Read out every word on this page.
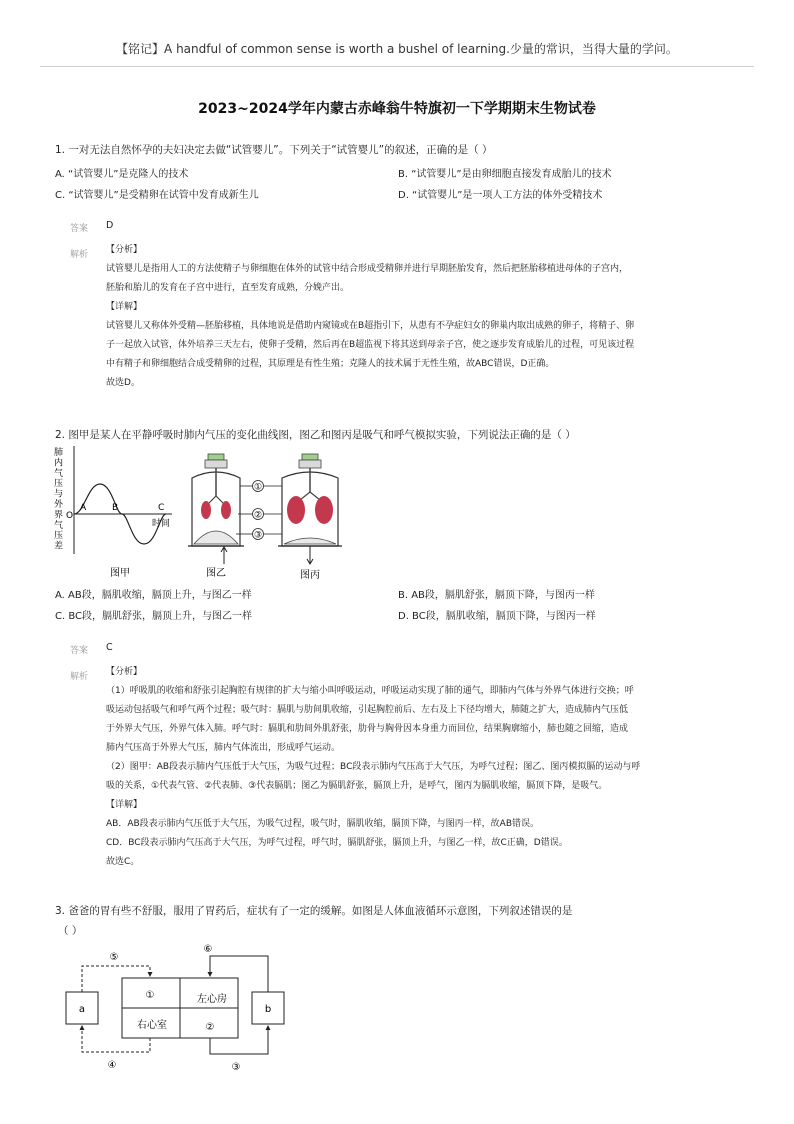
【铭记】A handful of common sense is worth a bushel of learning.少量的常识，当得大量的学问。
2023~2024学年内蒙古赤峰翁牛特旗初一下学期期末生物试卷
1. 一对无法自然怀孕的夫妇决定去做“试管婴儿”。下列关于“试管婴儿”的叙述，正确的是（ ）
A. “试管婴儿”是克隆人的技术	B. “试管婴儿”是由卵细胞直接发育成胎儿的技术
C. “试管婴儿”是受精卵在试管中发育成新生儿	D. “试管婴儿”是一项人工方法的体外受精技术
答案 D
解析 【分析】
试管婴儿是指用人工的方法使精子与卵细胞在体外的试管中结合形成受精卵并进行早期胚胎发育，然后把胚胎移植进母体的子宫内，
胚胎和胎儿的发育在子宫中进行，直至发育成熟，分娩产出。
【详解】
试管婴儿又称体外受精—胚胎移植，具体地说是借助内窥镜或在B超指引下，从患有不孕症妇女的卵巢内取出成熟的卵子，将精子、卵
子一起放入试管，体外培养三天左右，使卵子受精，然后再在B超监视下将其送到母亲子宫，使之逐步发育成胎儿的过程，可见该过程
中有精子和卵细胞结合成受精卵的过程，其原理是有性生殖；克隆人的技术属于无性生殖，故ABC错误，D正确。
故选D。
2. 图甲是某人在平静呼吸时肺内气压的变化曲线图，图乙和图丙是吸气和呼气模拟实验，下列说法正确的是（ ）
肺
内
气
压
与
外
界
气
压
差
O
A	B	C
时间
图甲	图乙
①
②
③
图丙
A. AB段，膈肌收缩，膈顶上升，与图乙一样	B. AB段，膈肌舒张，膈顶下降，与图丙一样
C. BC段，膈肌舒张，膈顶上升，与图乙一样	D. BC段，膈肌收缩，膈顶下降，与图丙一样
答案 C
解析 【分析】
（1）呼吸肌的收缩和舒张引起胸腔有规律的扩大与缩小叫呼吸运动，呼吸运动实现了肺的通气，即肺内气体与外界气体进行交换；呼
吸运动包括吸气和呼气两个过程；吸气时：膈肌与肋间肌收缩，引起胸腔前后、左右及上下径均增大，肺随之扩大，造成肺内气压低
于外界大气压，外界气体入肺。呼气时：膈肌和肋间外肌舒张，肋骨与胸骨因本身重力而回位，结果胸廓缩小，肺也随之回缩，造成
肺内气压高于外界大气压，肺内气体流出，形成呼气运动。
（2）图甲：AB段表示肺内气压低于大气压，为吸气过程；BC段表示肺内气压高于大气压，为呼气过程；图乙、图丙模拟膈的运动与呼
吸的关系，①代表气管、②代表肺、③代表膈肌；图乙为膈肌舒张，膈顶上升，是呼气，图丙为膈肌收缩，膈顶下降，是吸气。
【详解】
AB．AB段表示肺内气压低于大气压，为吸气过程，吸气时，膈肌收缩，膈顶下降，与图丙一样，故AB错误。
CD．BC段表示肺内气压高于大气压，为呼气过程，呼气时，膈肌舒张，膈顶上升，与图乙一样，故C正确，D错误。
故选C。
3. 爸爸的胃有些不舒服，服用了胃药后，症状有了一定的缓解。如图是人体血液循环示意图，下列叙述错误的是
（ ）
a	b
左心房
右心室
①
②
⑤
⑥
④	③
